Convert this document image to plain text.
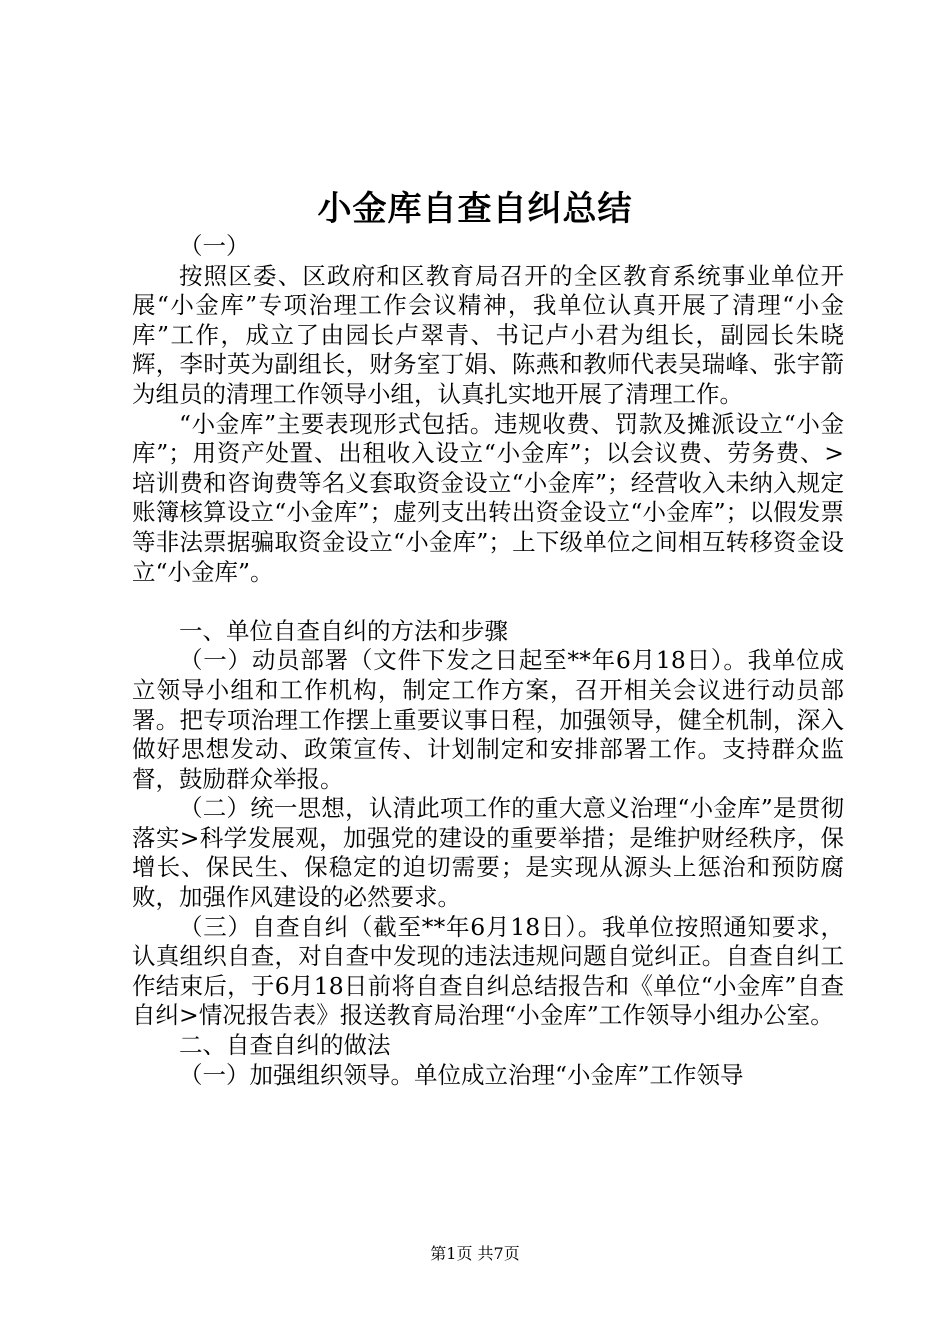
小金库自查自纠总结

（一）

按照区委、区政府和区教育局召开的全区教育系统事业单位开展“小金库”专项治理工作会议精神，我单位认真开展了清理“小金库”工作，成立了由园长卢翠青、书记卢小君为组长，副园长朱晓辉，李时英为副组长，财务室丁娟、陈燕和教师代表吴瑞峰、张宇箭为组员的清理工作领导小组，认真扎实地开展了清理工作。

“小金库”主要表现形式包括。违规收费、罚款及摊派设立“小金库”；用资产处置、出租收入设立“小金库”；以会议费、劳务费、>培训费和咨询费等名义套取资金设立“小金库”；经营收入未纳入规定账簿核算设立“小金库”；虚列支出转出资金设立“小金库”；以假发票等非法票据骗取资金设立“小金库”；上下级单位之间相互转移资金设立“小金库”。

一、单位自查自纠的方法和步骤

（一）动员部署（文件下发之日起至**年6月18日）。我单位成立领导小组和工作机构，制定工作方案，召开相关会议进行动员部署。把专项治理工作摆上重要议事日程，加强领导，健全机制，深入做好思想发动、政策宣传、计划制定和安排部署工作。支持群众监督，鼓励群众举报。

（二）统一思想，认清此项工作的重大意义治理“小金库”是贯彻落实>科学发展观，加强党的建设的重要举措；是维护财经秩序，保增长、保民生、保稳定的迫切需要；是实现从源头上惩治和预防腐败，加强作风建设的必然要求。

（三）自查自纠（截至**年6月18日）。我单位按照通知要求，认真组织自查，对自查中发现的违法违规问题自觉纠正。自查自纠工作结束后，于6月18日前将自查自纠总结报告和《单位“小金库”自查自纠>情况报告表》报送教育局治理“小金库”工作领导小组办公室。

二、自查自纠的做法

（一）加强组织领导。单位成立治理“小金库”工作领导

第1页 共7页
